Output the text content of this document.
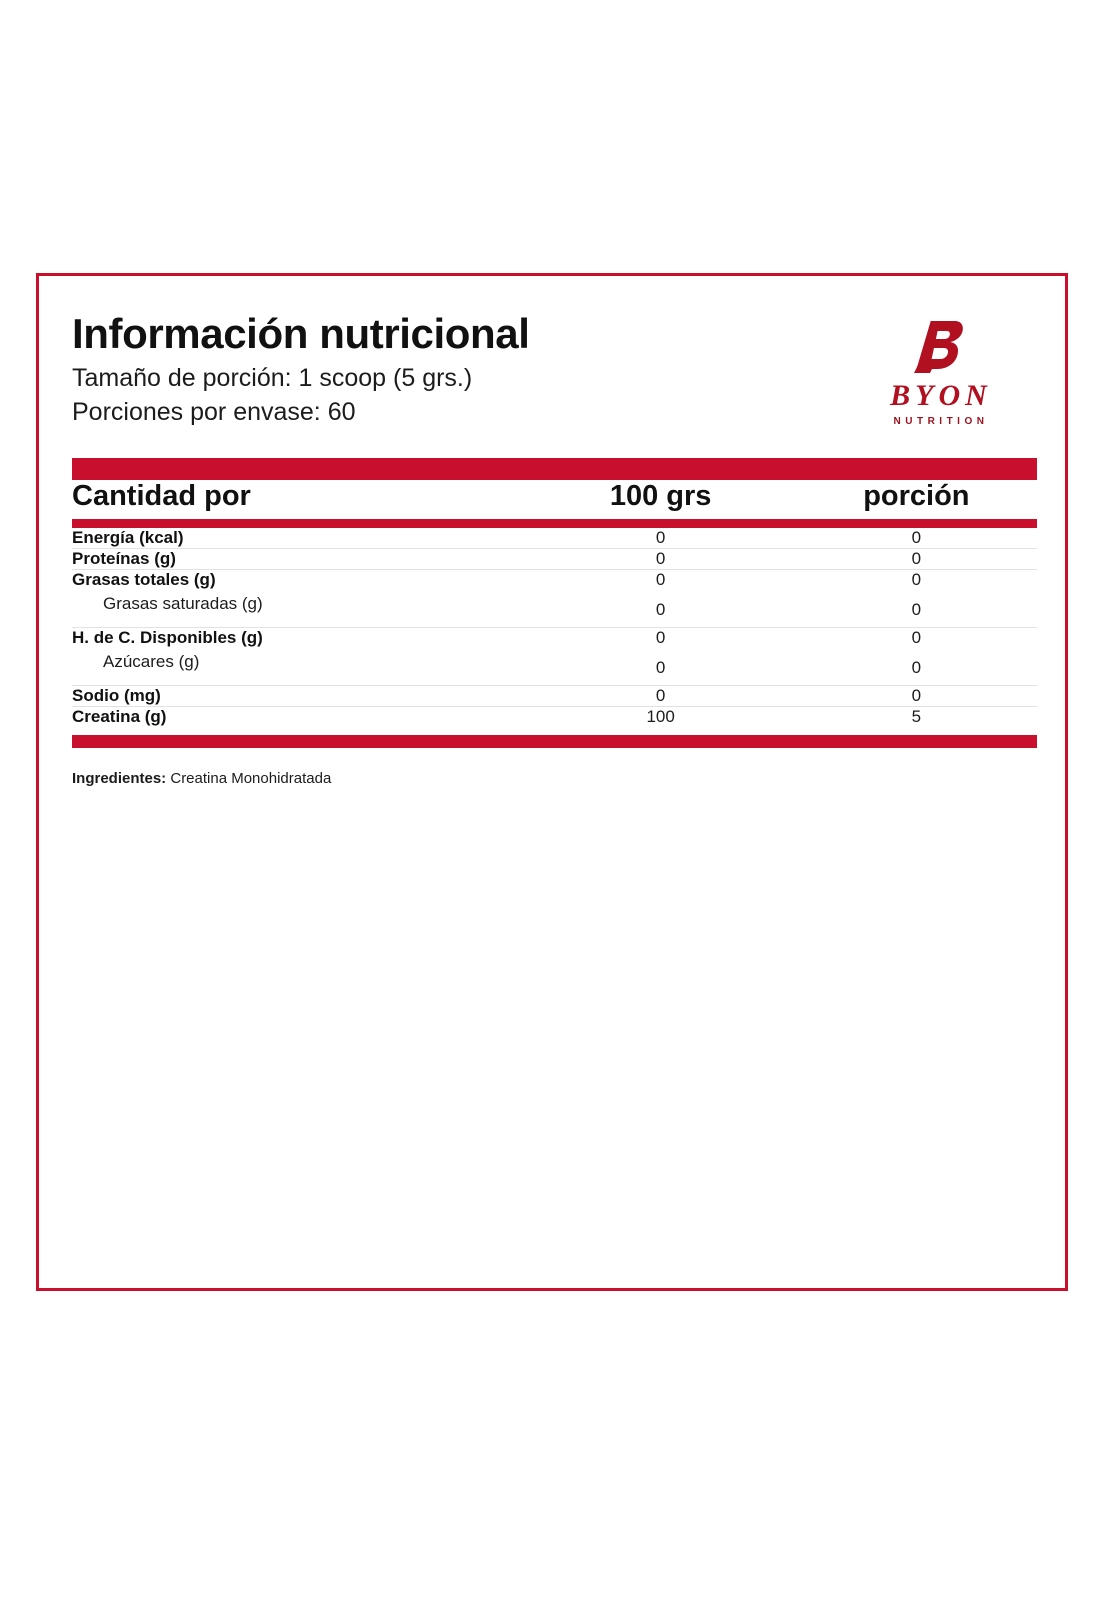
Información nutricional
Tamaño de porción: 1 scoop (5 grs.)
Porciones por envase: 60
BYON
NUTRITION
Cantidad por	100 grs	porción
Energía (kcal)	0	0
Proteínas (g)	0	0
Grasas totales (g)	0	0
Grasas saturadas (g)	0	0
H. de C. Disponibles (g)	0	0
Azúcares (g)	0	0
Sodio (mg)	0	0
Creatina (g)	100	5
Ingredientes: Creatina Monohidratada
